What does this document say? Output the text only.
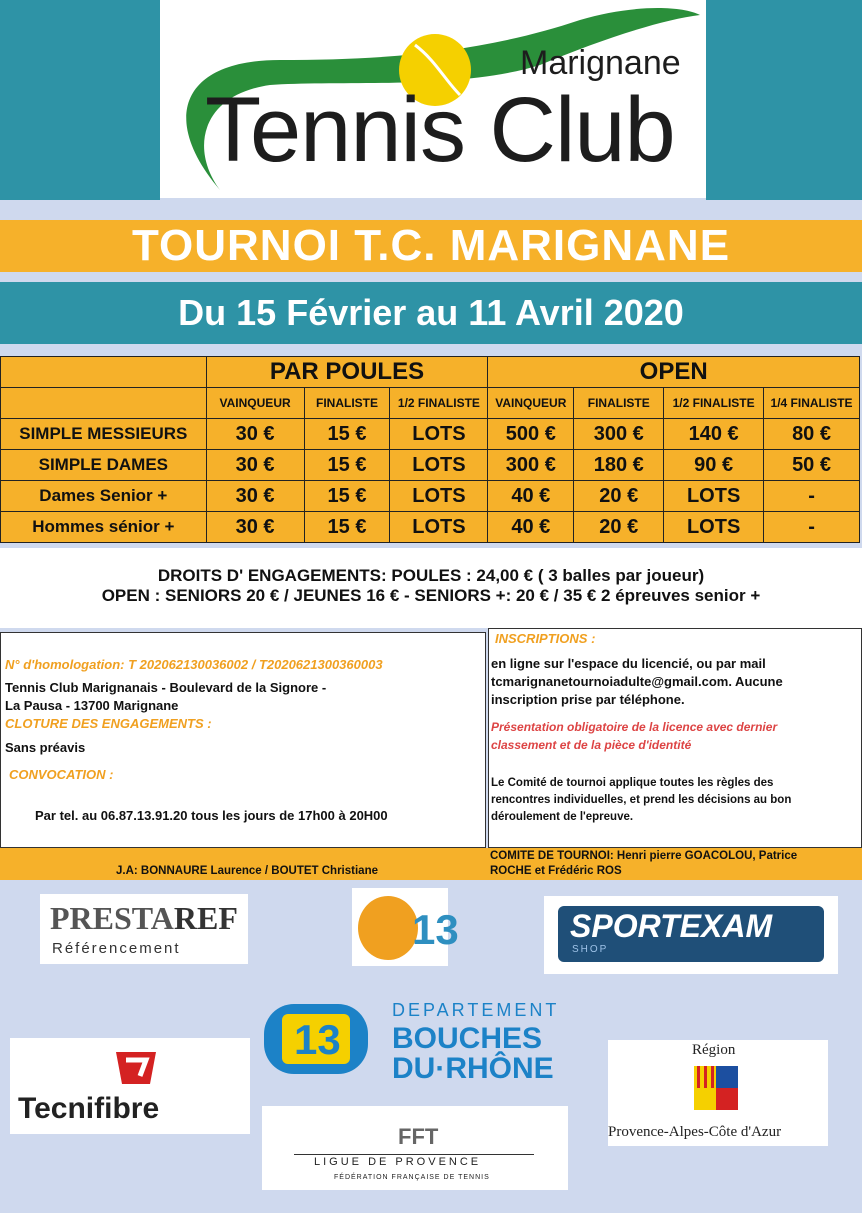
Marignane
Tennis Club
TOURNOI T.C. MARIGNANE
Du 15 Février au 11 Avril 2020
	PAR POULES			OPEN			
	VAINQUEUR	FINALISTE	1/2 FINALISTE	VAINQUEUR	FINALISTE	1/2 FINALISTE	1/4 FINALISTE
SIMPLE MESSIEURS	30 €	15 €	LOTS	500 €	300 €	140 €	80 €
SIMPLE DAMES	30 €	15 €	LOTS	300 €	180 €	90 €	50 €
Dames Senior +	30 €	15 €	LOTS	40 €	20 €	LOTS	-
Hommes sénior +	30 €	15 €	LOTS	40 €	20 €	LOTS	-
DROITS D' ENGAGEMENTS: POULES : 24,00 € ( 3 balles par joueur)
OPEN : SENIORS 20 € / JEUNES 16 € - SENIORS +: 20 € / 35 € 2 épreuves senior +
N° d'homologation: T 202062130036002 / T2020621300360003
Tennis Club Marignanais - Boulevard de la Signore -
La Pausa - 13700 Marignane
CLOTURE DES ENGAGEMENTS :
Sans préavis
CONVOCATION :
Par tel. au 06.87.13.91.20 tous les jours de 17h00 à 20H00
INSCRIPTIONS :
en ligne sur l'espace du licencié, ou par mail
tcmarignanetournoiadulte@gmail.com. Aucune
inscription prise par téléphone.
Présentation obligatoire de la licence avec dernier
classement et de la pièce d'identité
Le Comité de tournoi applique toutes les règles des
rencontres individuelles, et prend les décisions au bon
déroulement de l'epreuve.
J.A: BONNAURE Laurence / BOUTET Christiane
COMITE DE TOURNOI: Henri pierre GOACOLOU, Patrice
ROCHE et Frédéric ROS
PRESTAREF
Référencement	13	SPORTEXAM
SHOP
13
DEPARTEMENT
BOUCHES
DU·RHÔNE
Tecnifibre
FFT
LIGUE DE PROVENCE
FÉDÉRATION FRANÇAISE DE TENNIS
Région
Provence-Alpes-Côte d'Azur
